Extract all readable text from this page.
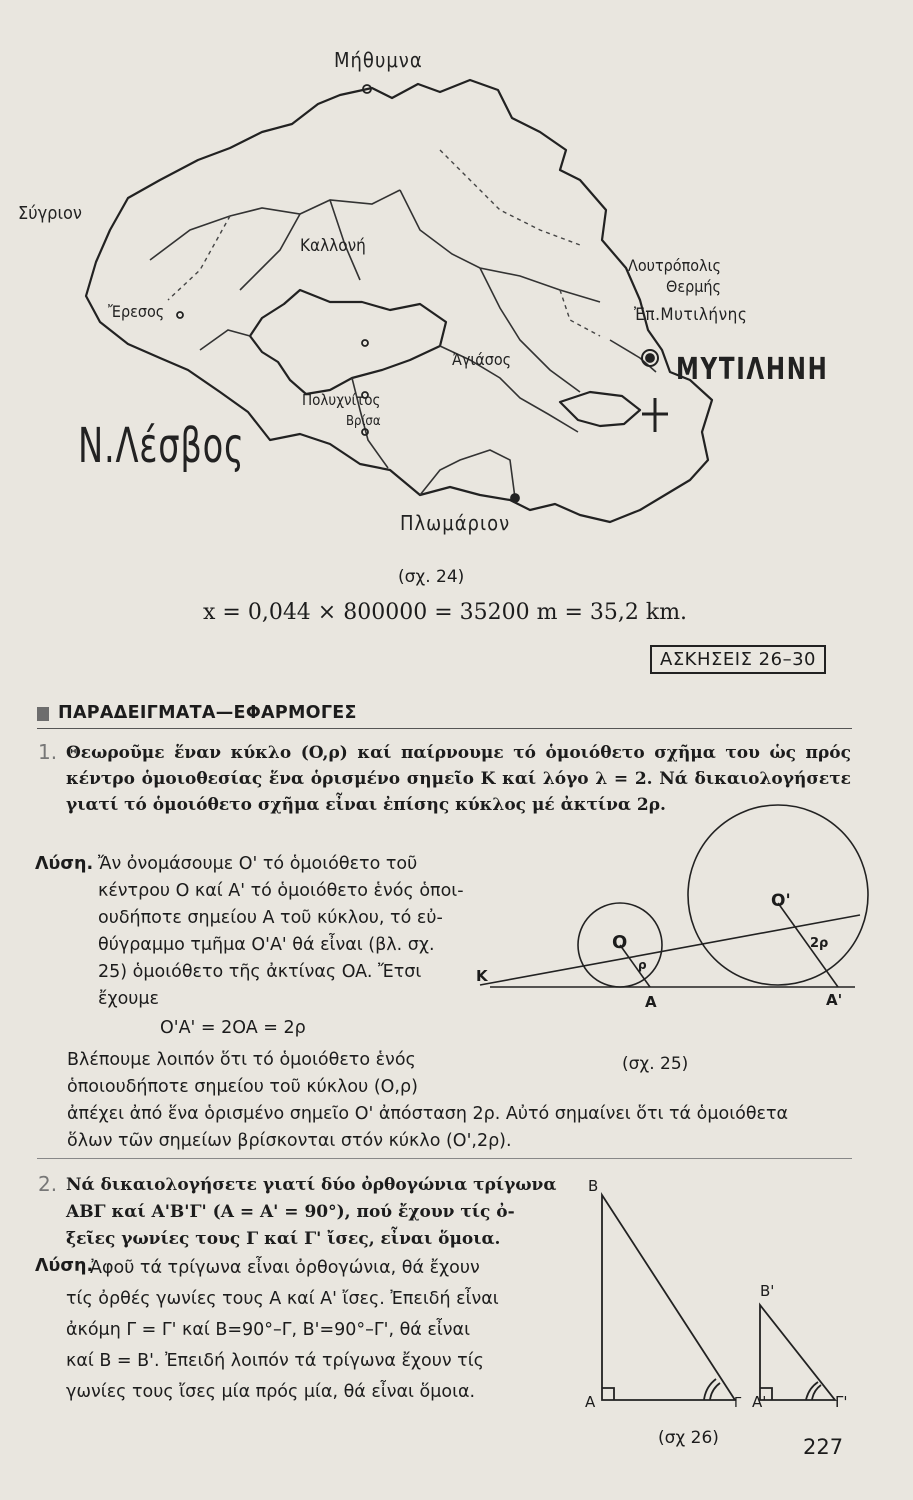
Μήθυμνα
Σύγριον
Καλλονή
Λουτρόπολις
Θερμής
Ἔρεσος	Ἐπ.Μυτιλήνης
Ἀγιάσος	ΜΥΤΙΛΗΝΗ
Πολυχνίτος
Βρίσα
Ν.Λέσβος
Πλωμάριον
(σχ. 24)
x = 0,044 × 800000 = 35200 m = 35,2 km.
ΑΣΚΗΣΕΙΣ 26–30
ΠΑΡΑΔΕΙΓΜΑΤΑ—ΕΦΑΡΜΟΓΕΣ
1. Θεωροῦμε ἕναν κύκλο (O,ρ) καί παίρνουμε τό ὁμοιόθετο σχῆμα του ὡς πρός κέντρο ὁμοιοθεσίας ἕνα ὁρισμένο σημεῖο K καί λόγο λ = 2. Νά δικαιολογήσετε γιατί τό ὁμοιόθετο σχῆμα εἶναι ἐπίσης κύκλος μέ ἀκτίνα 2ρ.
Λύση. Ἄν ὀνομάσουμε O' τό ὁμοιόθετο τοῦ
κέντρου O καί A' τό ὁμοιόθετο ἑνός ὁποι-
ουδήποτε σημείου A τοῦ κύκλου, τό εὐ-
θύγραμμο τμῆμα O'A' θά εἶναι (βλ. σχ.
25) ὁμοιόθετο τῆς ἀκτίνας OA. Ἔτσι
ἔχουμε
O'A' = 2OA = 2ρ
Βλέπουμε λοιπόν ὅτι τό ὁμοιόθετο ἑνός
ὁποιουδήποτε σημείου τοῦ κύκλου (O,ρ)
ἀπέχει ἀπό ἕνα ὁρισμένο σημεῖο O' ἀπόσταση 2ρ. Αὐτό σημαίνει ὅτι τά ὁμοιόθετα
ὅλων τῶν σημείων βρίσκονται στόν κύκλο (O',2ρ).
K
O
ρ
A
O'
2ρ
A'
(σχ. 25)
2. Νά δικαιολογήσετε γιατί δύο ὀρθογώνια τρίγωνα
ΑΒΓ καί Α'Β'Γ' (Α = Α' = 90°), πού ἔχουν τίς ὀ-
ξεῖες γωνίες τους Γ καί Γ' ἴσες, εἶναι ὅμοια.
Λύση.
Ἀφοῦ τά τρίγωνα εἶναι ὀρθογώνια, θά ἔχουν
τίς ὀρθές γωνίες τους Α καί Α' ἴσες. Ἐπειδή εἶναι
ἀκόμη Γ = Γ' καί Β=90°–Γ, Β'=90°–Γ', θά εἶναι
καί Β = Β'. Ἐπειδή λοιπόν τά τρίγωνα ἔχουν τίς
γωνίες τους ἴσες μία πρός μία, θά εἶναι ὅμοια.
B
A	Γ
B'
A'	Γ'
(σχ 26)	227
